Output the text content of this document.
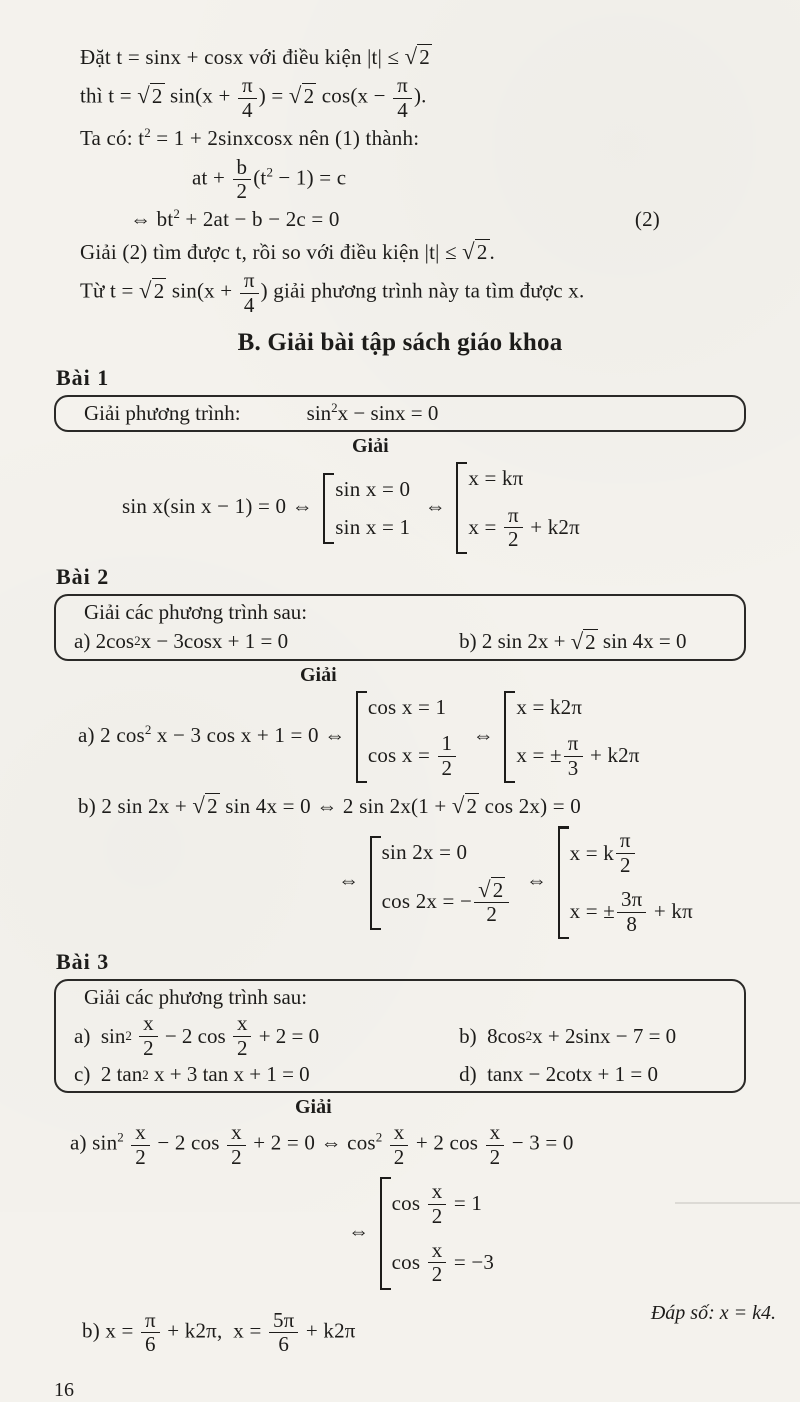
Đặt t = sinx + cosx với điều kiện |t| ≤ √2
thì t = √2 $\sin(x + \frac{\pi}{4}$ ) = √2 $\cos(x - \frac{\pi}{4}$ ).
Ta có: $t^2 = 1$ + 2sinxcosx nên (1) thành:
at + $\frac{b}{2} (t^2 - 1) = c$
⇔ $bt^2 + 2at - b - 2c = 0$	(2)
Giải (2) tìm được t, rồi so với điều kiện |t| ≤ √2.
Từ t = √2 $\sin(x + \frac{\pi}{4}$ ) giải phương trình này ta tìm được x.
B. Giải bài tập sách giáo khoa
Bài 1
Giải phương trình:	$\sin^2x - \sin x = 0$
Giải
sin x(sin x − 1) = 0 ⇔
sin x = 0
sin x = 1
⇔
x = kπ
$x = \frac{\pi}{2} + k2\pi$
Bài 2
Giải các phương trình sau:
a) 2cos 2 x − 3cosx + 1 = 0	b) 2 sin 2x + √2 sin 4x = 0
Giải
a) 2 $\cos^2 x - 3$ cos x + 1 = 0 ⇔
cos x = 1
$\cos x = \frac{1}{2}$ ⇔
x = k2π
x = ± $\frac{\pi}{3} + k2\pi$
b) 2 sin 2x + √2 sin 4x = 0 ⇔ 2 sin 2x(1 + √2 cos 2x) = 0
⇔
sin 2x = 0
cos 2x = − $\frac{√2}{2}$ ⇔
x = k $\frac{\pi}{2}$
x = ± $\frac{3\pi}{8} + k\pi$
Bài 3
Giải các phương trình sau:
a)  sin 2
$\frac{x}{2} - 2$ $\cos \frac{x}{2} + 2 = 0$	b)  8cos 2 x + 2sinx − 7 = 0
c)  2 tan 2 x + 3 tan x + 1 = 0	d)  tanx − 2cotx + 1 = 0
Giải
a) $\sin^2 \frac{x}{2} - 2$ $\cos \frac{x}{2} + 2 = 0$ ⇔ $\cos^2 \frac{x}{2} + 2$ $\cos \frac{x}{2} - 3 = 0$
⇔
$\cos \frac{x}{2} = 1$
$\cos \frac{x}{2} = -3$
Đáp số: x = k4.
b) $x = \frac{\pi}{6} + k2\pi$,  $x = \frac{5\pi}{6} + k2\pi$
16
